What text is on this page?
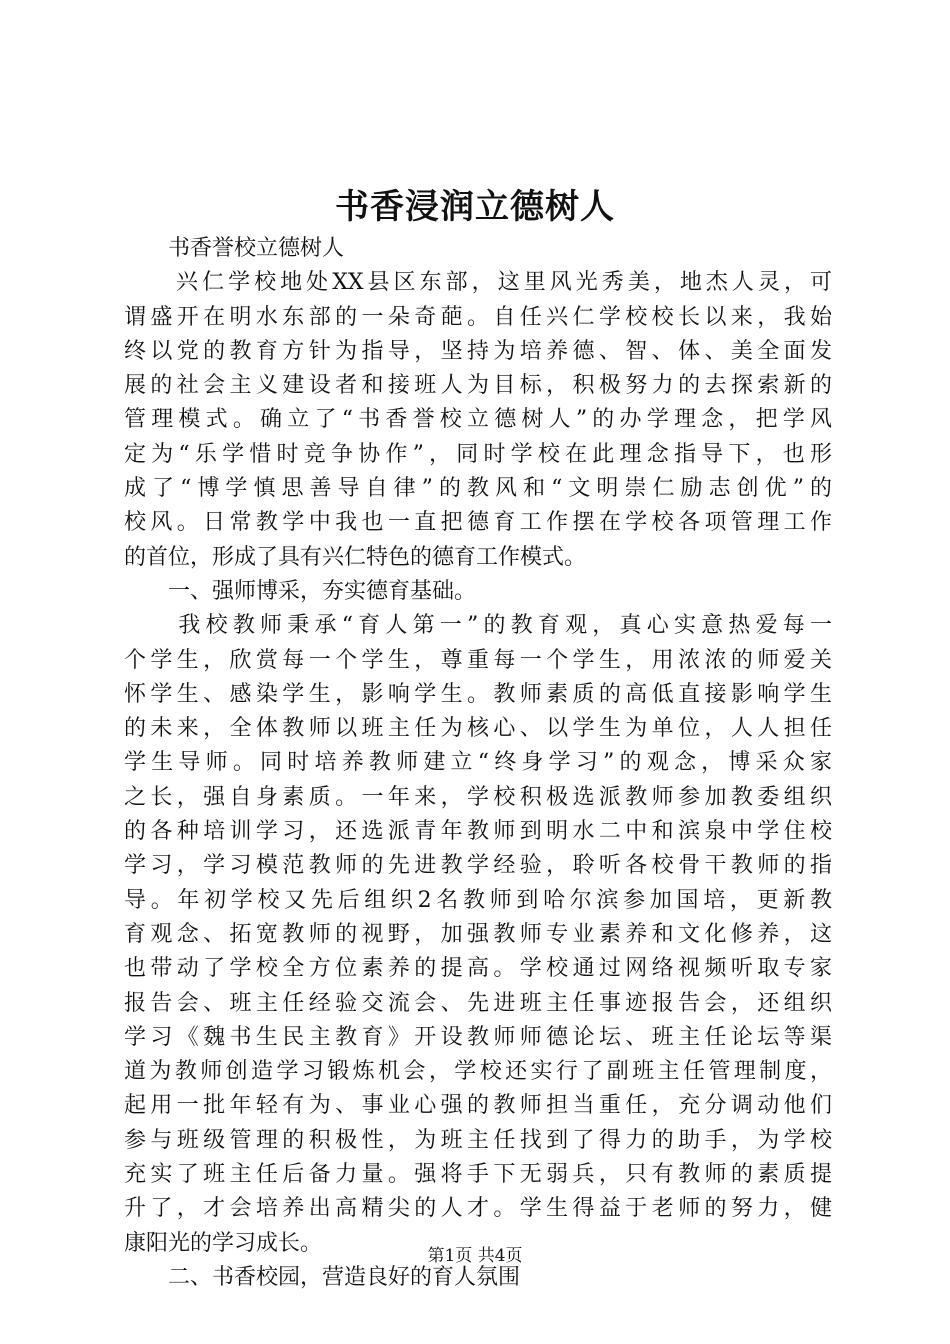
书香浸润立德树人
　　书香誉校立德树人
　　兴仁学校地处XX县区东部，这里风光秀美，地杰人灵，可
谓盛开在明水东部的一朵奇葩。自任兴仁学校校长以来，我始
终以党的教育方针为指导，坚持为培养德、智、体、美全面发
展的社会主义建设者和接班人为目标，积极努力的去探索新的
管理模式。确立了“书香誉校立德树人”的办学理念，把学风
定为“乐学惜时竞争协作”，同时学校在此理念指导下，也形
成了“博学慎思善导自律”的教风和“文明崇仁励志创优”的
校风。日常教学中我也一直把德育工作摆在学校各项管理工作
的首位，形成了具有兴仁特色的德育工作模式。
　　一、强师博采，夯实德育基础。
　　我校教师秉承“育人第一”的教育观，真心实意热爱每一
个学生，欣赏每一个学生，尊重每一个学生，用浓浓的师爱关
怀学生、感染学生，影响学生。教师素质的高低直接影响学生
的未来，全体教师以班主任为核心、以学生为单位，人人担任
学生导师。同时培养教师建立“终身学习”的观念，博采众家
之长，强自身素质。一年来，学校积极选派教师参加教委组织
的各种培训学习，还选派青年教师到明水二中和滨泉中学住校
学习，学习模范教师的先进教学经验，聆听各校骨干教师的指
导。年初学校又先后组织2名教师到哈尔滨参加国培，更新教
育观念、拓宽教师的视野，加强教师专业素养和文化修养，这
也带动了学校全方位素养的提高。学校通过网络视频听取专家
报告会、班主任经验交流会、先进班主任事迹报告会，还组织
学习《魏书生民主教育》开设教师师德论坛、班主任论坛等渠
道为教师创造学习锻炼机会，学校还实行了副班主任管理制度，
起用一批年轻有为、事业心强的教师担当重任，充分调动他们
参与班级管理的积极性，为班主任找到了得力的助手，为学校
充实了班主任后备力量。强将手下无弱兵，只有教师的素质提
升了，才会培养出高精尖的人才。学生得益于老师的努力，健
康阳光的学习成长。
　　二、书香校园，营造良好的育人氛围
第1页 共4页
